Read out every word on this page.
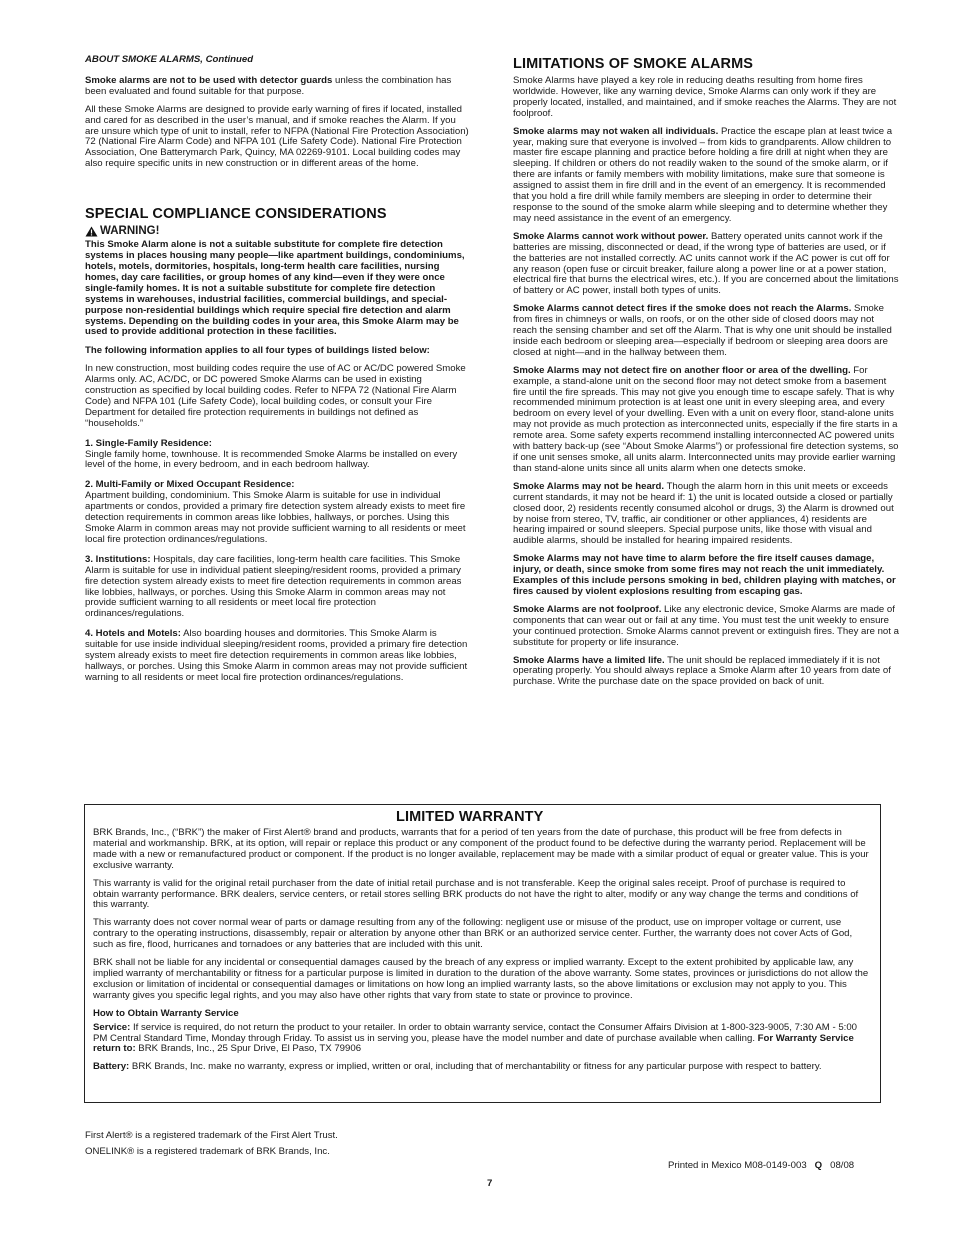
ABOUT SMOKE ALARMS, Continued

Smoke alarms are not to be used with detector guards unless the combination has been evaluated and found suitable for that purpose.

All these Smoke Alarms are designed to provide early warning of fires if located, installed and cared for as described in the user’s manual, and if smoke reaches the Alarm. If you are unsure which type of unit to install, refer to NFPA (National Fire Protection Association) 72 (National Fire Alarm Code) and NFPA 101 (Life Safety Code). National Fire Protection Association, One Batterymarch Park, Quincy, MA 02269-9101. Local building codes may also require specific units in new construction or in different areas of the home.

SPECIAL COMPLIANCE CONSIDERATIONS
WARNING!

This Smoke Alarm alone is not a suitable substitute for complete fire detection systems in places housing many people—like apartment buildings, condominiums, hotels, motels, dormitories, hospitals, long-term health care facilities, nursing homes, day care facilities, or group homes of any kind—even if they were once single-family homes. It is not a suitable substitute for complete fire detection systems in warehouses, industrial facilities, commercial buildings, and special-purpose non-residential buildings which require special fire detection and alarm systems. Depending on the building codes in your area, this Smoke Alarm may be used to provide additional protection in these facilities.

The following information applies to all four types of buildings listed below:

In new construction, most building codes require the use of AC or AC/DC powered Smoke Alarms only. AC, AC/DC, or DC powered Smoke Alarms can be used in existing construction as specified by local building codes. Refer to NFPA 72 (National Fire Alarm Code) and NFPA 101 (Life Safety Code), local building codes, or consult your Fire Department for detailed fire protection requirements in buildings not defined as “households.”

1. Single-Family Residence:
Single family home, townhouse. It is recommended Smoke Alarms be installed on every level of the home, in every bedroom, and in each bedroom hallway.

2. Multi-Family or Mixed Occupant Residence:
Apartment building, condominium. This Smoke Alarm is suitable for use in individual apartments or condos, provided a primary fire detection system already exists to meet fire detection requirements in common areas like lobbies, hallways, or porches. Using this Smoke Alarm in common areas may not provide sufficient warning to all residents or meet local fire protection ordinances/regulations.

3. Institutions: Hospitals, day care facilities, long-term health care facilities. This Smoke Alarm is suitable for use in individual patient sleeping/resident rooms, provided a primary fire detection system already exists to meet fire detection requirements in common areas like lobbies, hallways, or porches. Using this Smoke Alarm in common areas may not provide sufficient warning to all residents or meet local fire protection ordinances/regulations.

4. Hotels and Motels: Also boarding houses and dormitories. This Smoke Alarm is suitable for use inside individual sleeping/resident rooms, provided a primary fire detection system already exists to meet fire detection requirements in common areas like lobbies, hallways, or porches. Using this Smoke Alarm in common areas may not provide sufficient warning to all residents or meet local fire protection ordinances/regulations.

LIMITATIONS OF SMOKE ALARMS

Smoke Alarms have played a key role in reducing deaths resulting from home fires worldwide. However, like any warning device, Smoke Alarms can only work if they are properly located, installed, and maintained, and if smoke reaches the Alarms. They are not foolproof.

Smoke alarms may not waken all individuals. Practice the escape plan at least twice a year, making sure that everyone is involved – from kids to grandparents. Allow children to master fire escape planning and practice before holding a fire drill at night when they are sleeping. If children or others do not readily waken to the sound of the smoke alarm, or if there are infants or family members with mobility limitations, make sure that someone is assigned to assist them in fire drill and in the event of an emergency. It is recommended that you hold a fire drill while family members are sleeping in order to determine their response to the sound of the smoke alarm while sleeping and to determine whether they may need assistance in the event of an emergency.

Smoke Alarms cannot work without power. Battery operated units cannot work if the batteries are missing, disconnected or dead, if the wrong type of batteries are used, or if the batteries are not installed correctly. AC units cannot work if the AC power is cut off for any reason (open fuse or circuit breaker, failure along a power line or at a power station, electrical fire that burns the electrical wires, etc.). If you are concerned about the limitations of battery or AC power, install both types of units.

Smoke Alarms cannot detect fires if the smoke does not reach the Alarms. Smoke from fires in chimneys or walls, on roofs, or on the other side of closed doors may not reach the sensing chamber and set off the Alarm. That is why one unit should be installed inside each bedroom or sleeping area—especially if bedroom or sleeping area doors are closed at night—and in the hallway between them.

Smoke Alarms may not detect fire on another floor or area of the dwelling. For example, a stand-alone unit on the second floor may not detect smoke from a basement fire until the fire spreads. This may not give you enough time to escape safely. That is why recommended minimum protection is at least one unit in every sleeping area, and every bedroom on every level of your dwelling. Even with a unit on every floor, stand-alone units may not provide as much protection as interconnected units, especially if the fire starts in a remote area. Some safety experts recommend installing interconnected AC powered units with battery back-up (see “About Smoke Alarms”) or professional fire detection systems, so if one unit senses smoke, all units alarm. Interconnected units may provide earlier warning than stand-alone units since all units alarm when one detects smoke.

Smoke Alarms may not be heard. Though the alarm horn in this unit meets or exceeds current standards, it may not be heard if: 1) the unit is located outside a closed or partially closed door, 2) residents recently consumed alcohol or drugs, 3) the Alarm is drowned out by noise from stereo, TV, traffic, air conditioner or other appliances, 4) residents are hearing impaired or sound sleepers. Special purpose units, like those with visual and audible alarms, should be installed for hearing impaired residents.

Smoke Alarms may not have time to alarm before the fire itself causes damage, injury, or death, since smoke from some fires may not reach the unit immediately. Examples of this include persons smoking in bed, children playing with matches, or fires caused by violent explosions resulting from escaping gas.

Smoke Alarms are not foolproof. Like any electronic device, Smoke Alarms are made of components that can wear out or fail at any time. You must test the unit weekly to ensure your continued protection. Smoke Alarms cannot prevent or extinguish fires. They are not a substitute for property or life insurance.

Smoke Alarms have a limited life. The unit should be replaced immediately if it is not operating properly. You should always replace a Smoke Alarm after 10 years from date of purchase. Write the purchase date on the space provided on back of unit.

LIMITED WARRANTY

BRK Brands, Inc., (“BRK”) the maker of First Alert® brand and products, warrants that for a period of ten years from the date of purchase, this product will be free from defects in material and workmanship. BRK, at its option, will repair or replace this product or any component of the product found to be defective during the warranty period. Replacement will be made with a new or remanufactured product or component. If the product is no longer available, replacement may be made with a similar product of equal or greater value. This is your exclusive warranty.

This warranty is valid for the original retail purchaser from the date of initial retail purchase and is not transferable. Keep the original sales receipt. Proof of purchase is required to obtain warranty performance. BRK dealers, service centers, or retail stores selling BRK products do not have the right to alter, modify or any way change the terms and conditions of this warranty.

This warranty does not cover normal wear of parts or damage resulting from any of the following: negligent use or misuse of the product, use on improper voltage or current, use contrary to the operating instructions, disassembly, repair or alteration by anyone other than BRK or an authorized service center. Further, the warranty does not cover Acts of God, such as fire, flood, hurricanes and tornadoes or any batteries that are included with this unit.

BRK shall not be liable for any incidental or consequential damages caused by the breach of any express or implied warranty. Except to the extent prohibited by applicable law, any implied warranty of merchantability or fitness for a particular purpose is limited in duration to the duration of the above warranty. Some states, provinces or jurisdictions do not allow the exclusion or limitation of incidental or consequential damages or limitations on how long an implied warranty lasts, so the above limitations or exclusion may not apply to you. This warranty gives you specific legal rights, and you may also have other rights that vary from state to state or province to province.

How to Obtain Warranty Service

Service: If service is required, do not return the product to your retailer. In order to obtain warranty service, contact the Consumer Affairs Division at 1-800-323-9005, 7:30 AM - 5:00 PM Central Standard Time, Monday through Friday. To assist us in serving you, please have the model number and date of purchase available when calling. For Warranty Service return to: BRK Brands, Inc., 25 Spur Drive, El Paso, TX 79906

Battery: BRK Brands, Inc. make no warranty, express or implied, written or oral, including that of merchantability or fitness for any particular purpose with respect to battery.

First Alert® is a registered trademark of the First Alert Trust.
ONELINK® is a registered trademark of BRK Brands, Inc.
Printed in Mexico M08-0149-003 Q 08/08
7
